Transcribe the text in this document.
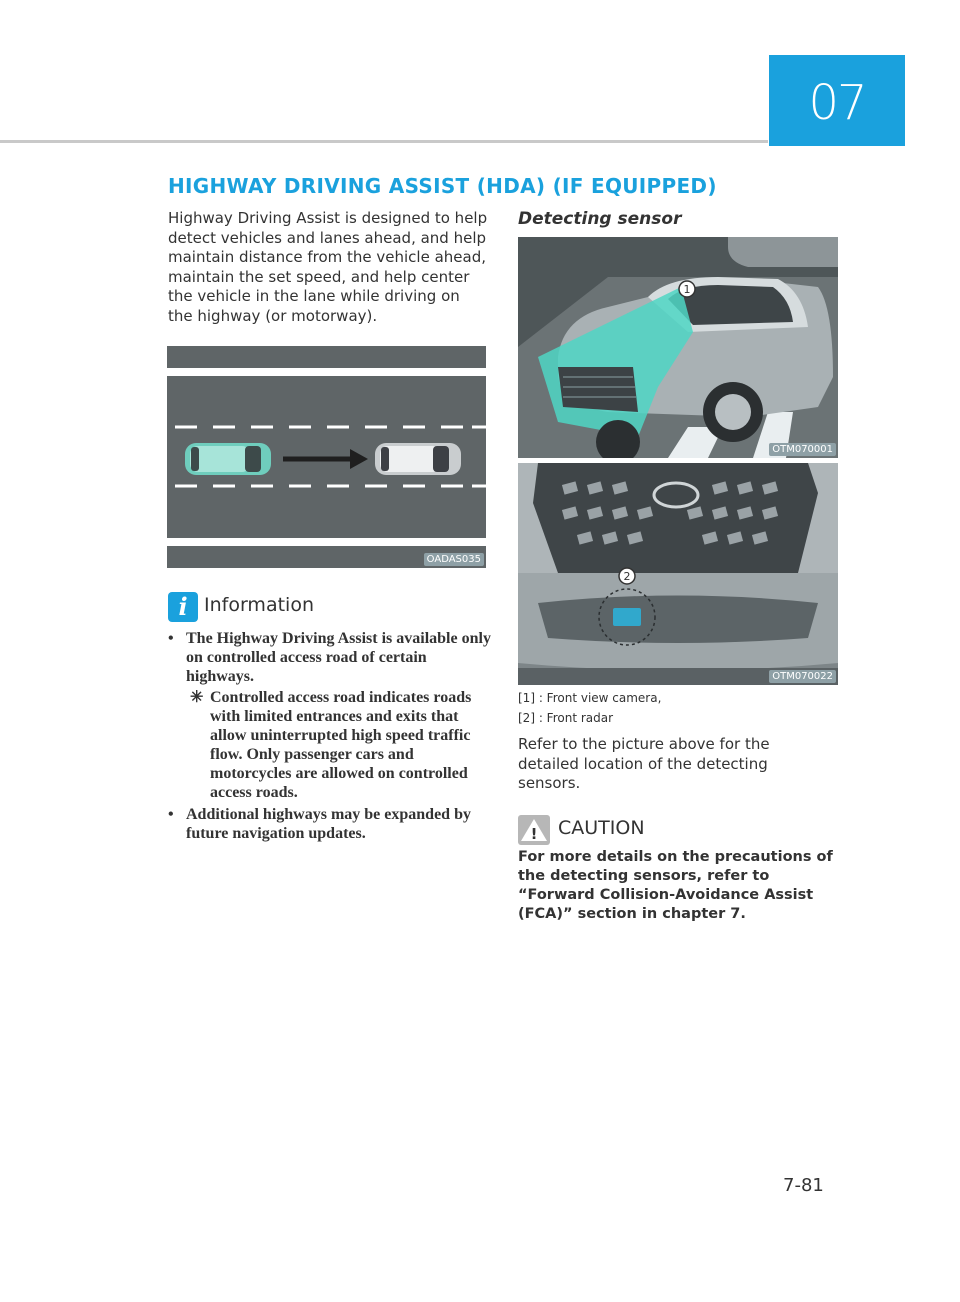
07
HIGHWAY DRIVING ASSIST (HDA) (IF EQUIPPED)
Highway Driving Assist is designed to help detect vehicles and lanes ahead, and help maintain distance from the vehicle ahead, maintain the set speed, and help center the vehicle in the lane while driving on the highway (or motorway).
OADAS035
i Information
• The Highway Driving Assist is available only on controlled access road of certain highways.
✳ Controlled access road indicates roads with limited entrances and exits that allow uninterrupted high speed traffic flow. Only passenger cars and motorcycles are allowed on controlled access roads.
• Additional highways may be expanded by future navigation updates.
Detecting sensor
1
OTM070001
2
OTM070022
[1] : Front view camera,
[2] : Front radar
Refer to the picture above for the detailed location of the detecting sensors.
! CAUTION
For more details on the precautions of the detecting sensors, refer to “Forward Collision-Avoidance Assist (FCA)” section in chapter 7.
7-81
